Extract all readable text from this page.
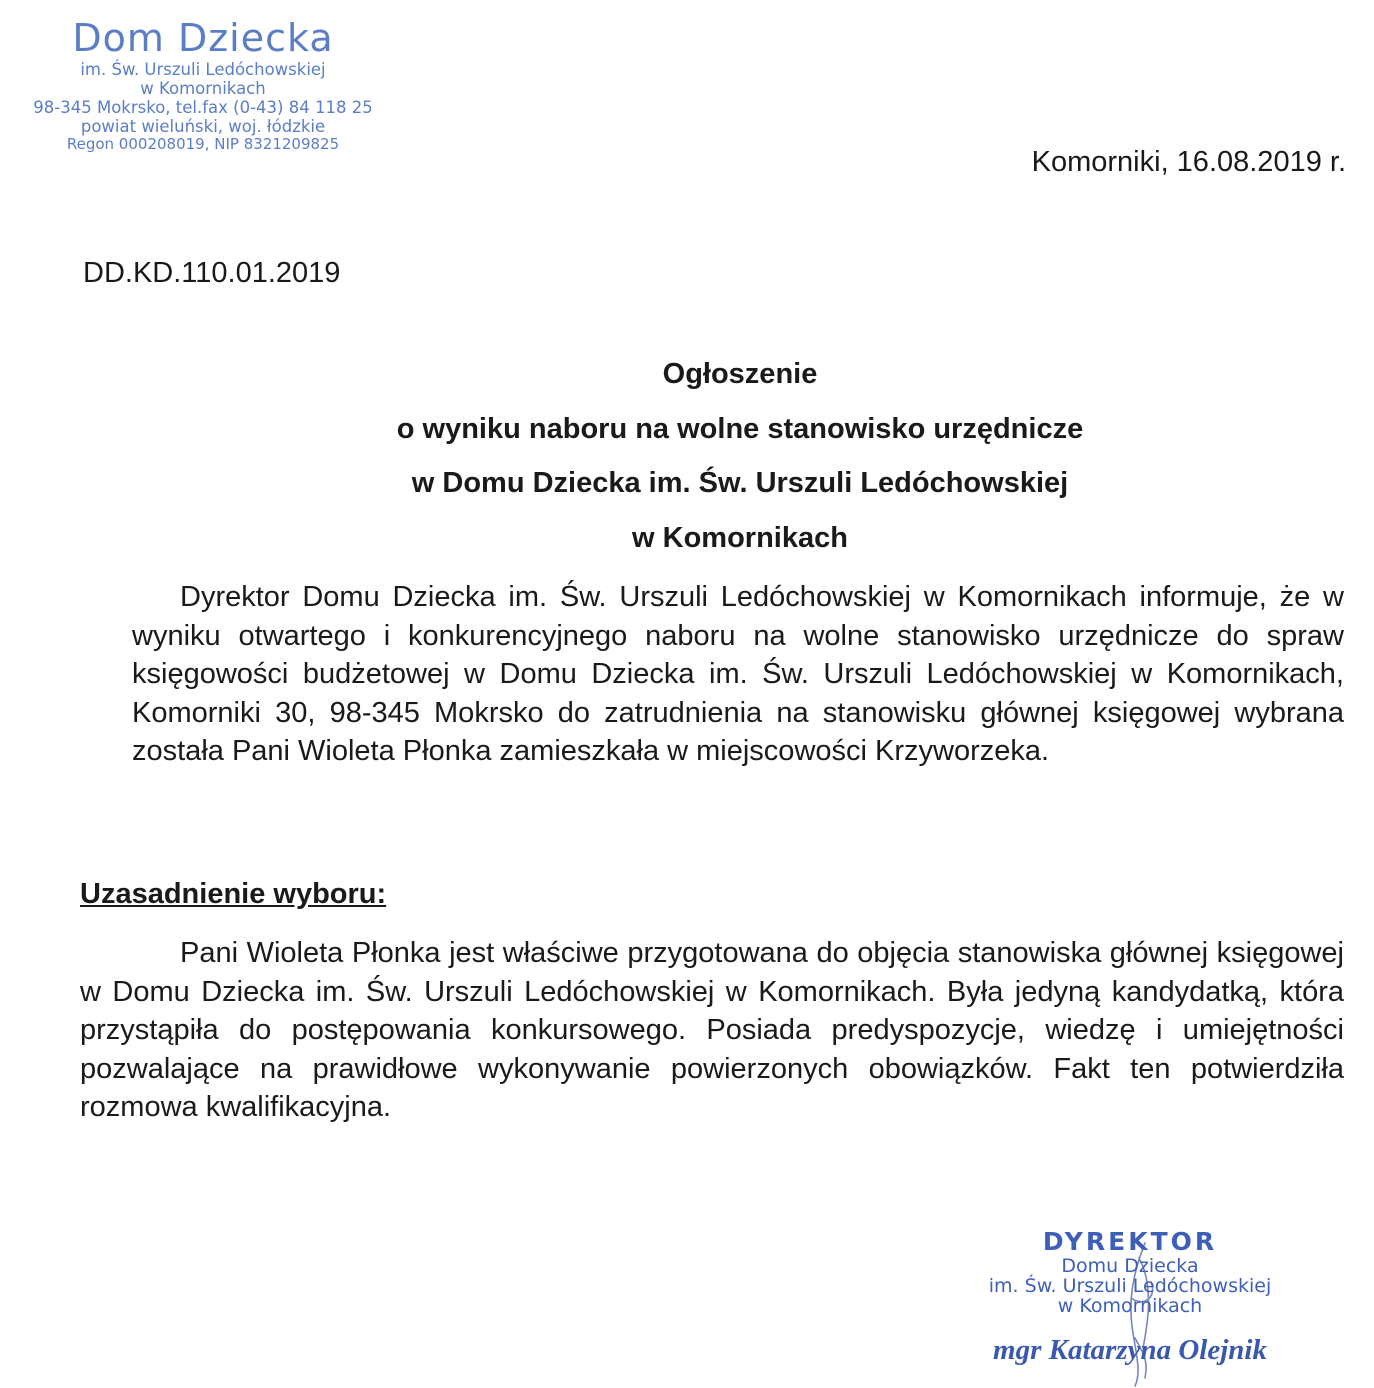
Dom Dziecka
im. Św. Urszuli Ledóchowskiej
w Komornikach
98-345 Mokrsko, tel.fax (0-43) 84 118 25
powiat wieluński, woj. łódzkie
Regon 000208019, NIP 8321209825
Komorniki, 16.08.2019 r.
DD.KD.110.01.2019
Ogłoszenie
o wyniku naboru na wolne stanowisko urzędnicze
w Domu Dziecka im. Św. Urszuli Ledóchowskiej
w Komornikach
Dyrektor Domu Dziecka im. Św. Urszuli Ledóchowskiej w Komornikach informuje, że w wyniku otwartego i konkurencyjnego naboru na wolne stanowisko urzędnicze do spraw księgowości budżetowej w Domu Dziecka im. Św. Urszuli Ledóchowskiej w Komornikach, Komorniki 30, 98-345 Mokrsko do zatrudnienia na stanowisku głównej księgowej wybrana została Pani Wioleta Płonka zamieszkała w miejscowości Krzyworzeka.
Uzasadnienie wyboru:
Pani Wioleta Płonka jest właściwe przygotowana do objęcia stanowiska głównej księgowej w Domu Dziecka im. Św. Urszuli Ledóchowskiej w Komornikach. Była jedyną kandydatką, która przystąpiła do postępowania konkursowego. Posiada predyspozycje, wiedzę i umiejętności pozwalające na prawidłowe wykonywanie powierzonych obowiązków. Fakt ten potwierdziła rozmowa kwalifikacyjna.
DYREKTOR
Domu Dziecka
im. Św. Urszuli Ledóchowskiej
w Komornikach
mgr Katarzyna Olejnik
